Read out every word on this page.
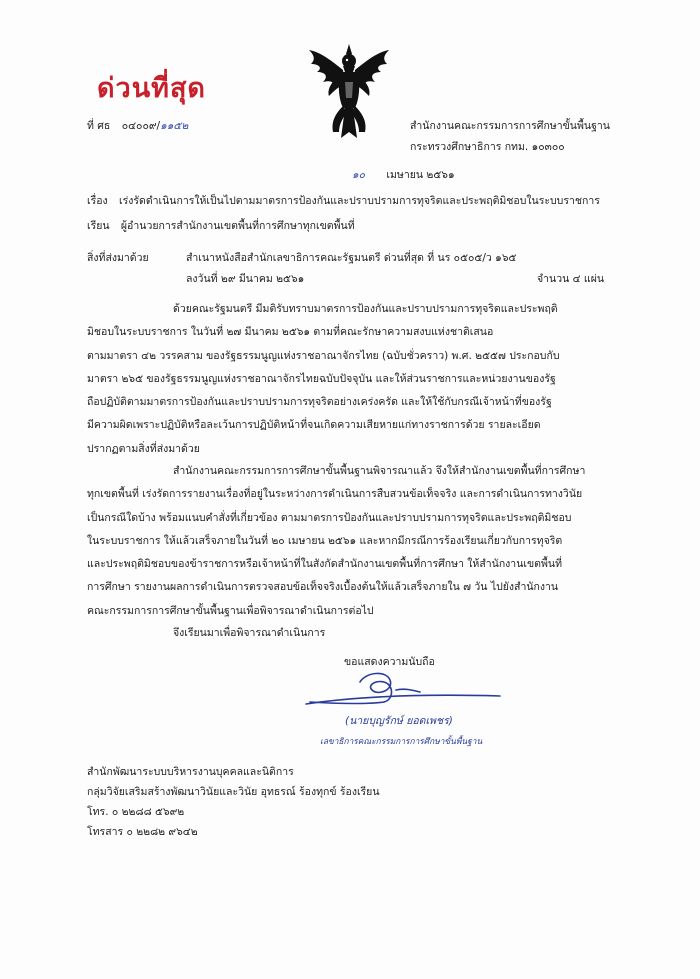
ด่วนที่สุด
ที่ ศธ ๐๔๐๐๙/๑๑๕๒	สำนักงานคณะกรรมการการศึกษาขั้นพื้นฐาน
กระทรวงศึกษาธิการ กทม. ๑๐๓๐๐
๑๐ เมษายน ๒๕๖๑
เรื่อง เร่งรัดดำเนินการให้เป็นไปตามมาตรการป้องกันและปราบปรามการทุจริตและประพฤติมิชอบในระบบราชการ
เรียน ผู้อำนวยการสำนักงานเขตพื้นที่การศึกษาทุกเขตพื้นที่
สิ่งที่ส่งมาด้วย	สำเนาหนังสือสำนักเลขาธิการคณะรัฐมนตรี ด่วนที่สุด ที่ นร ๐๕๐๕/ว ๑๖๕
ลงวันที่ ๒๙ มีนาคม ๒๕๖๑	จำนวน ๔ แผ่น
ด้วยคณะรัฐมนตรี มีมติรับทราบมาตรการป้องกันและปราบปรามการทุจริตและประพฤติ
มิชอบในระบบราชการ ในวันที่ ๒๗ มีนาคม ๒๕๖๑ ตามที่คณะรักษาความสงบแห่งชาติเสนอ
ตามมาตรา ๔๒ วรรคสาม ของรัฐธรรมนูญแห่งราชอาณาจักรไทย (ฉบับชั่วคราว) พ.ศ. ๒๕๕๗ ประกอบกับ
มาตรา ๒๖๕ ของรัฐธรรมนูญแห่งราชอาณาจักรไทยฉบับปัจจุบัน และให้ส่วนราชการและหน่วยงานของรัฐ
ถือปฏิบัติตามมาตรการป้องกันและปราบปรามการทุจริตอย่างเคร่งครัด และให้ใช้กับกรณีเจ้าหน้าที่ของรัฐ
มีความผิดเพราะปฏิบัติหรือละเว้นการปฏิบัติหน้าที่จนเกิดความเสียหายแก่ทางราชการด้วย รายละเอียด
ปรากฏตามสิ่งที่ส่งมาด้วย
สำนักงานคณะกรรมการการศึกษาขั้นพื้นฐานพิจารณาแล้ว จึงให้สำนักงานเขตพื้นที่การศึกษา
ทุกเขตพื้นที่ เร่งรัดการรายงานเรื่องที่อยู่ในระหว่างการดำเนินการสืบสวนข้อเท็จจริง และการดำเนินการทางวินัย
เป็นกรณีใดบ้าง พร้อมแนบคำสั่งที่เกี่ยวข้อง ตามมาตรการป้องกันและปราบปรามการทุจริตและประพฤติมิชอบ
ในระบบราชการ ให้แล้วเสร็จภายในวันที่ ๒๐ เมษายน ๒๕๖๑ และหากมีกรณีการร้องเรียนเกี่ยวกับการทุจริต
และประพฤติมิชอบของข้าราชการหรือเจ้าหน้าที่ในสังกัดสำนักงานเขตพื้นที่การศึกษา ให้สำนักงานเขตพื้นที่
การศึกษา รายงานผลการดำเนินการตรวจสอบข้อเท็จจริงเบื้องต้นให้แล้วเสร็จภายใน ๗ วัน ไปยังสำนักงาน
คณะกรรมการการศึกษาขั้นพื้นฐานเพื่อพิจารณาดำเนินการต่อไป
จึงเรียนมาเพื่อพิจารณาดำเนินการ
ขอแสดงความนับถือ
(นายบุญรักษ์ ยอดเพชร)
เลขาธิการคณะกรรมการการศึกษาขั้นพื้นฐาน
สำนักพัฒนาระบบบริหารงานบุคคลและนิติการ
กลุ่มวิจัยเสริมสร้างพัฒนาวินัยและวินัย อุทธรณ์ ร้องทุกข์ ร้องเรียน
โทร. ๐ ๒๒๘๘ ๕๖๙๒
โทรสาร ๐ ๒๒๘๒ ๙๖๔๒
